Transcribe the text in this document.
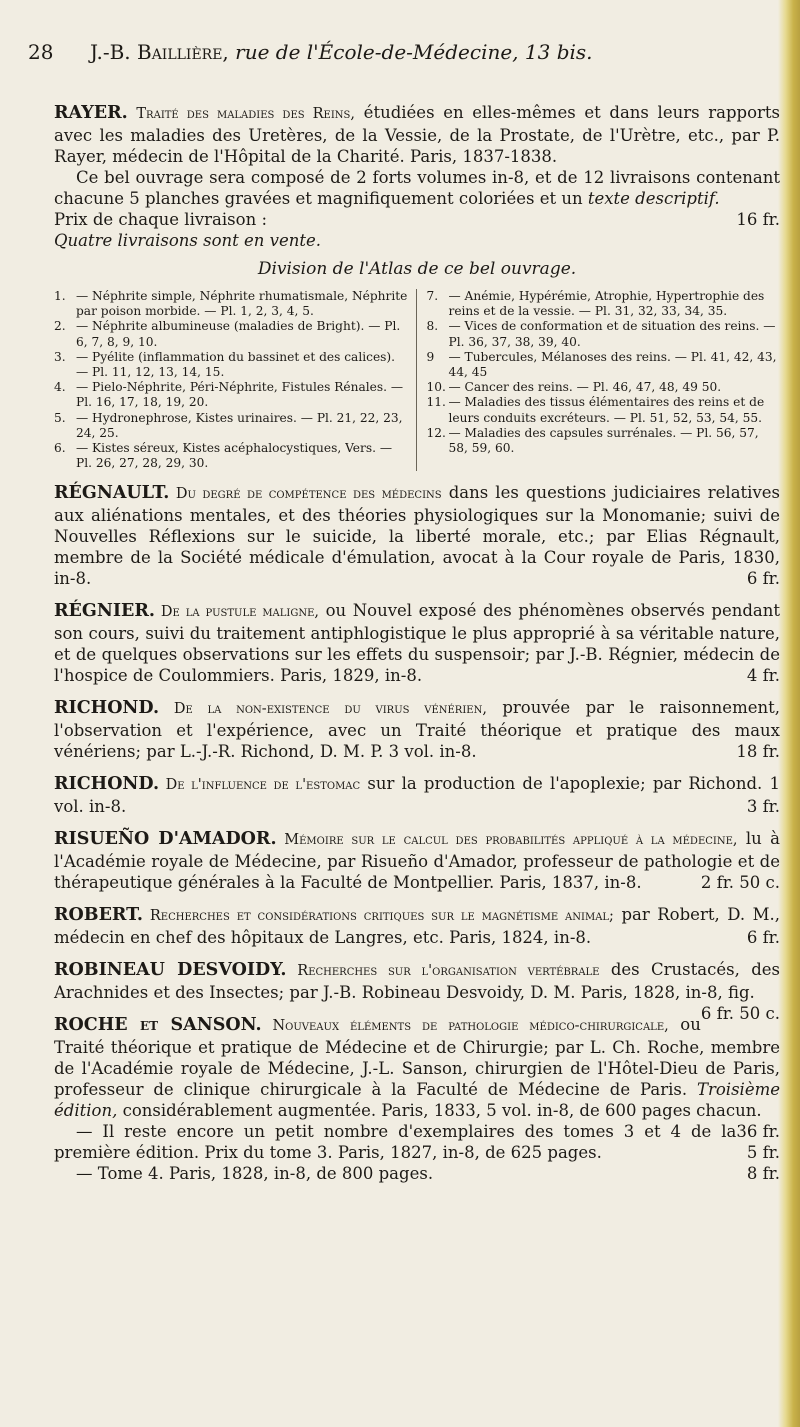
28 J.-B. Baillière, rue de l'École-de-Médecine, 13 bis.
RAYER. Traité des maladies des Reins, étudiées en elles-mêmes et dans leurs rapports avec les maladies des Uretères, de la Vessie, de la Prostate, de l'Urètre, etc., par P. Rayer, médecin de l'Hôpital de la Charité. Paris, 1837-1838.
Ce bel ouvrage sera composé de 2 forts volumes in-8, et de 12 livraisons contenant chacune 5 planches gravées et magnifiquement coloriées et un texte descriptif.
Prix de chaque livraison :	16 fr.
Quatre livraisons sont en vente.
Division de l'Atlas de ce bel ouvrage.
1. — Néphrite simple, Néphrite rhumatismale, Néphrite par poison morbide. — Pl. 1, 2, 3, 4, 5.
2. — Néphrite albumineuse (maladies de Bright). — Pl. 6, 7, 8, 9, 10.
3. — Pyélite (inflammation du bassinet et des calices). — Pl. 11, 12, 13, 14, 15.
4. — Pielo-Néphrite, Péri-Néphrite, Fistules Rénales. — Pl. 16, 17, 18, 19, 20.
5. — Hydronephrose, Kistes urinaires. — Pl. 21, 22, 23, 24, 25.
6. — Kistes séreux, Kistes acéphalocystiques, Vers. — Pl. 26, 27, 28, 29, 30.
7. — Anémie, Hypérémie, Atrophie, Hypertrophie des reins et de la vessie. — Pl. 31, 32, 33, 34, 35.
8. — Vices de conformation et de situation des reins. — Pl. 36, 37, 38, 39, 40.
9	— Tubercules, Mélanoses des reins. — Pl. 41, 42, 43, 44, 45
10. — Cancer des reins. — Pl. 46, 47, 48, 49 50.
11. — Maladies des tissus élémentaires des reins et de leurs conduits excréteurs. — Pl. 51, 52, 53, 54, 55.
12. — Maladies des capsules surrénales. — Pl. 56, 57, 58, 59, 60.
RÉGNAULT. Du degré de compétence des médecins dans les questions judiciaires relatives aux aliénations mentales, et des théories physiologiques sur la Monomanie; suivi de Nouvelles Réflexions sur le suicide, la liberté morale, etc.; par Elias Régnault, membre de la Société médicale d'émulation, avocat à la Cour royale de Paris, 1830, in-8.	6 fr.
RÉGNIER. De la pustule maligne, ou Nouvel exposé des phénomènes observés pendant son cours, suivi du traitement antiphlogistique le plus approprié à sa véritable nature, et de quelques observations sur les effets du suspensoir; par J.-B. Régnier, médecin de l'hospice de Coulommiers. Paris, 1829, in-8.	4 fr.
RICHOND. De la non-existence du virus vénérien, prouvée par le raisonnement, l'observation et l'expérience, avec un Traité théorique et pratique des maux vénériens; par L.-J.-R. Richond, D. M. P. 3 vol. in-8.	18 fr.
RICHOND. De l'influence de l'estomac sur la production de l'apoplexie; par Richond. 1 vol. in-8.	3 fr.
RISUEÑO D'AMADOR. Mémoire sur le calcul des probabilités appliqué à la médecine, lu à l'Académie royale de Médecine, par Risueño d'Amador, professeur de pathologie et de thérapeutique générales à la Faculté de Montpellier. Paris, 1837, in-8.	2 fr. 50 c.
ROBERT. Recherches et considérations critiques sur le magnétisme animal; par Robert, D. M., médecin en chef des hôpitaux de Langres, etc. Paris, 1824, in-8.	6 fr.
ROBINEAU DESVOIDY. Recherches sur l'organisation vertébrale des Crustacés, des Arachnides et des Insectes; par J.-B. Robineau Desvoidy, D. M. Paris, 1828, in-8, fig.
6 fr. 50 c.
ROCHE et SANSON. Nouveaux éléments de pathologie médico-chirurgicale, ou Traité théorique et pratique de Médecine et de Chirurgie; par L. Ch. Roche, membre de l'Académie royale de Médecine, J.-L. Sanson, chirurgien de l'Hôtel-Dieu de Paris, professeur de clinique chirurgicale à la Faculté de Médecine de Paris. Troisième édition, considérablement augmentée. Paris, 1833, 5 vol. in-8, de 600 pages chacun.
36 fr.
— Il reste encore un petit nombre d'exemplaires des tomes 3 et 4 de la première édition. Prix du tome 3. Paris, 1827, in-8, de 625 pages.	5 fr.
— Tome 4. Paris, 1828, in-8, de 800 pages.	8 fr.
